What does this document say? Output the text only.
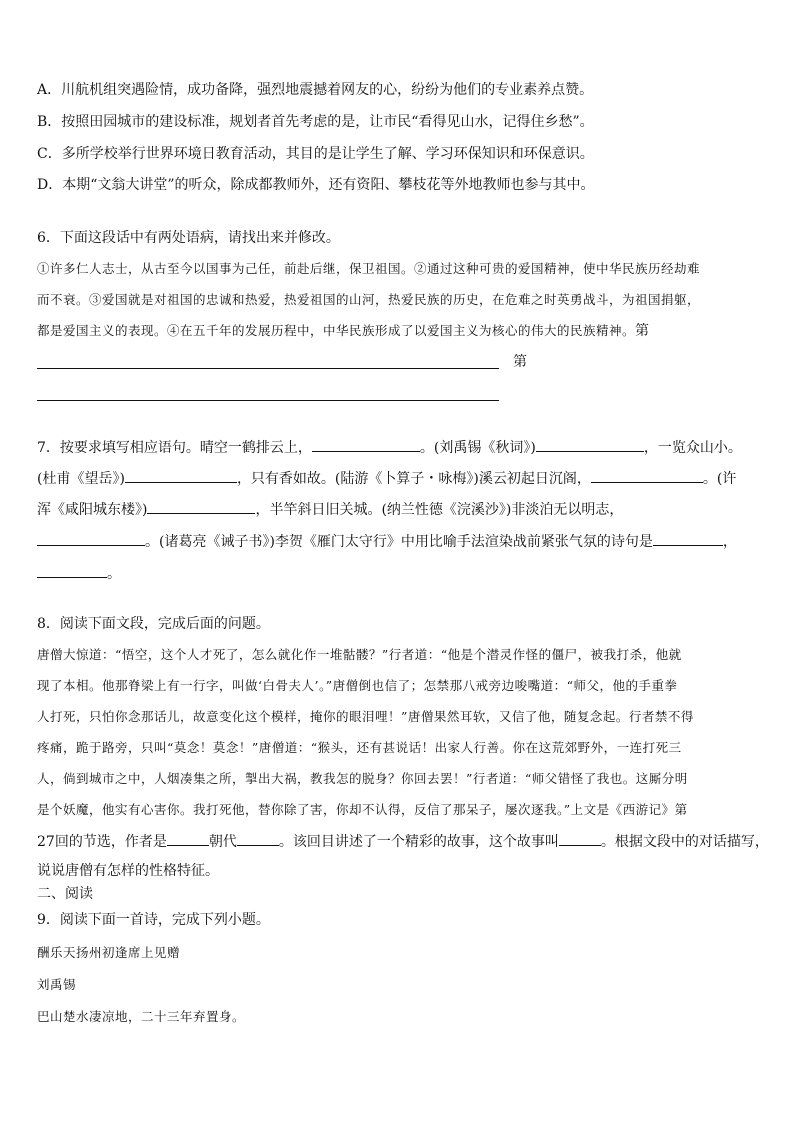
A．川航机组突遇险情，成功备降，强烈地震撼着网友的心，纷纷为他们的专业素养点赞。
B．按照田园城市的建设标准，规划者首先考虑的是，让市民“看得见山水，记得住乡愁”。
C．多所学校举行世界环境日教育活动，其目的是让学生了解、学习环保知识和环保意识。
D．本期“文翁大讲堂”的听众，除成都教师外，还有资阳、攀枝花等外地教师也参与其中。
6．下面这段话中有两处语病，请找出来并修改。
①许多仁人志士，从古至今以国事为己任，前赴后继，保卫祖国。②通过这种可贵的爱国精神，使中华民族历经劫难
而不衰。③爱国就是对祖国的忠诚和热爱，热爱祖国的山河，热爱民族的历史，在危难之时英勇战斗，为祖国捐躯，
都是爱国主义的表现。④在五千年的发展历程中，中华民族形成了以爱国主义为核心的伟大的民族精神。第
第
7．按要求填写相应语句。晴空一鹤排云上，	。(刘禹锡《秋词》)	，一览众山小。
(杜甫《望岳》)	，只有香如故。(陆游《卜算子・咏梅》)溪云初起日沉阁，	。(许
浑《咸阳城东楼》)	，半竿斜日旧关城。(纳兰性德《浣溪沙》)非淡泊无以明志，
。(诸葛亮《诫子书》)李贺《雁门太守行》中用比喻手法渲染战前紧张气氛的诗句是	，
。
8．阅读下面文段，完成后面的问题。
唐僧大惊道：“悟空，这个人才死了，怎么就化作一堆骷髅？”行者道：“他是个潜灵作怪的僵尸，被我打杀，他就
现了本相。他那脊梁上有一行字，叫做‘白骨夫人’。”唐僧倒也信了；怎禁那八戒旁边唆嘴道：“师父，他的手重拳
人打死，只怕你念那话儿，故意变化这个模样，掩你的眼泪哩！”唐僧果然耳软，又信了他，随复念起。行者禁不得
疼痛，跪于路旁，只叫“莫念！莫念！”唐僧道：“猴头，还有甚说话！出家人行善。你在这荒郊野外，一连打死三
人，倘到城市之中，人烟凑集之所，掣出大祸，教我怎的脱身？你回去罢！”行者道：“师父错怪了我也。这厮分明
是个妖魔，他实有心害你。我打死他，替你除了害，你却不认得，反信了那呆子，屡次逐我。”上文是《西游记》第
27回的节选，作者是	朝代	。该回目讲述了一个精彩的故事，这个故事叫	。根据文段中的对话描写，
说说唐僧有怎样的性格特征。
二、阅读
9．阅读下面一首诗，完成下列小题。
酬乐天扬州初逢席上见赠
刘禹锡
巴山楚水凄凉地，二十三年弃置身。
